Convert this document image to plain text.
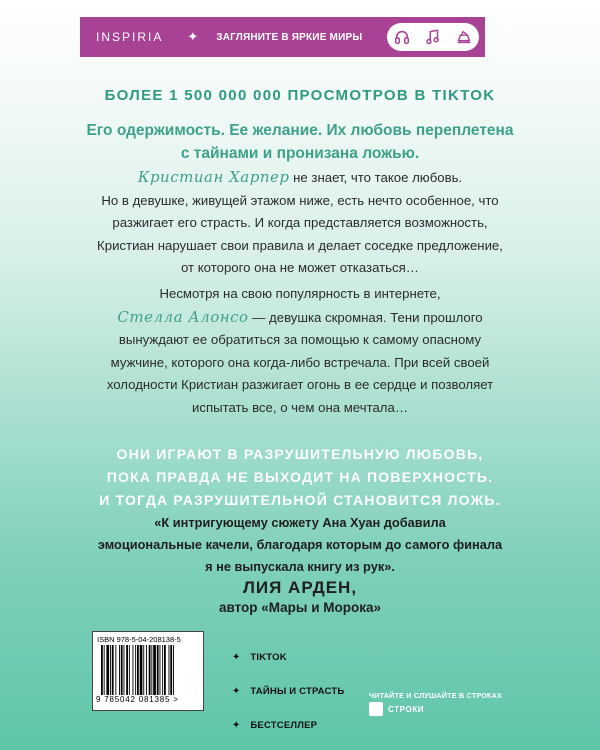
INSPIRIA ✦ ЗАГЛЯНИТЕ В ЯРКИЕ МИРЫ
БОЛЕЕ 1 500 000 000 ПРОСМОТРОВ В TIKTOK
Его одержимость. Ее желание. Их любовь переплетена
с тайнами и пронизана ложью.
Кристиан Харпер не знает, что такое любовь.
Но в девушке, живущей этажом ниже, есть нечто особенное, что
разжигает его страсть. И когда представляется возможность,
Кристиан нарушает свои правила и делает соседке предложение,
от которого она не может отказаться…
Несмотря на свою популярность в интернете,
Стелла Алонсо — девушка скромная. Тени прошлого
вынуждают ее обратиться за помощью к самому опасному
мужчине, которого она когда-либо встречала. При всей своей
холодности Кристиан разжигает огонь в ее сердце и позволяет
испытать все, о чем она мечтала…
ОНИ ИГРАЮТ В РАЗРУШИТЕЛЬНУЮ ЛЮБОВЬ,
ПОКА ПРАВДА НЕ ВЫХОДИТ НА ПОВЕРХНОСТЬ.
И ТОГДА РАЗРУШИТЕЛЬНОЙ СТАНОВИТСЯ ЛОЖЬ.
«К интригующему сюжету Ана Хуан добавила
эмоциональные качели, благодаря которым до самого финала
я не выпускала книгу из рук».
ЛИЯ АРДЕН,
автор «Мары и Морока»
ISBN 978-5-04-208138-5
9 785042 081385 >
✦ TIKTOK
✦ ТАЙНЫ И СТРАСТЬ
✦ БЕСТСЕЛЛЕР
ЧИТАЙТЕ И СЛУШАЙТЕ В СТРОКАХ
СТРОКИ
